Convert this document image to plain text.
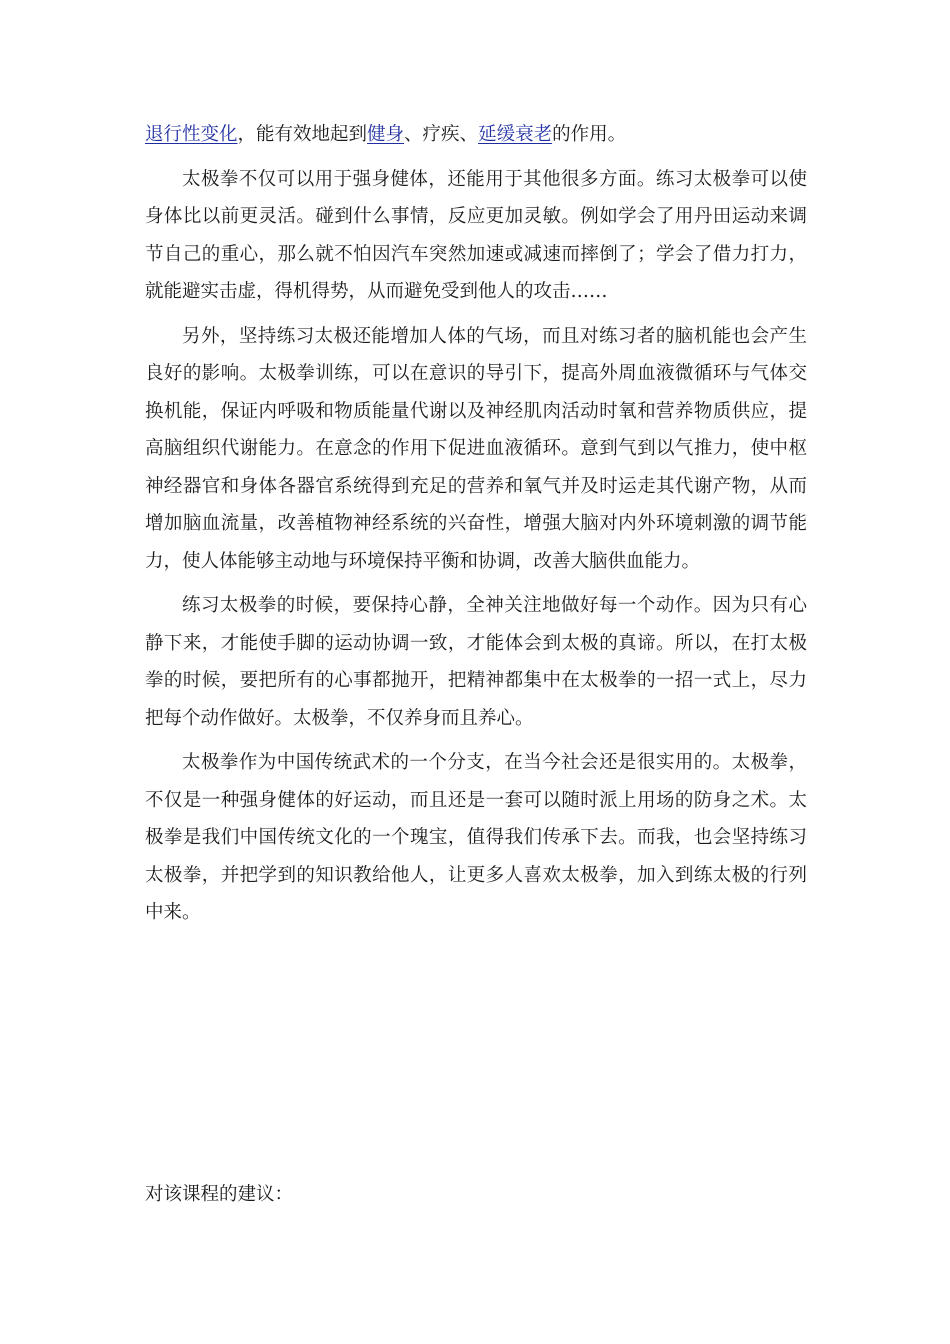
退行性变化，能有效地起到健身、疗疾、延缓衰老的作用。

太极拳不仅可以用于强身健体，还能用于其他很多方面。练习太极拳可以使身体比以前更灵活。碰到什么事情，反应更加灵敏。例如学会了用丹田运动来调节自己的重心，那么就不怕因汽车突然加速或减速而摔倒了；学会了借力打力，就能避实击虚，得机得势，从而避免受到他人的攻击……

另外，坚持练习太极还能增加人体的气场，而且对练习者的脑机能也会产生良好的影响。太极拳训练，可以在意识的导引下，提高外周血液微循环与气体交换机能，保证内呼吸和物质能量代谢以及神经肌肉活动时氧和营养物质供应，提高脑组织代谢能力。在意念的作用下促进血液循环。意到气到以气推力，使中枢神经器官和身体各器官系统得到充足的营养和氧气并及时运走其代谢产物，从而增加脑血流量，改善植物神经系统的兴奋性，增强大脑对内外环境刺激的调节能力，使人体能够主动地与环境保持平衡和协调，改善大脑供血能力。

练习太极拳的时候，要保持心静，全神关注地做好每一个动作。因为只有心静下来，才能使手脚的运动协调一致，才能体会到太极的真谛。所以，在打太极拳的时候，要把所有的心事都抛开，把精神都集中在太极拳的一招一式上，尽力把每个动作做好。太极拳，不仅养身而且养心。

太极拳作为中国传统武术的一个分支，在当今社会还是很实用的。太极拳，不仅是一种强身健体的好运动，而且还是一套可以随时派上用场的防身之术。太极拳是我们中国传统文化的一个瑰宝，值得我们传承下去。而我，也会坚持练习太极拳，并把学到的知识教给他人，让更多人喜欢太极拳，加入到练太极的行列中来。

对该课程的建议：
